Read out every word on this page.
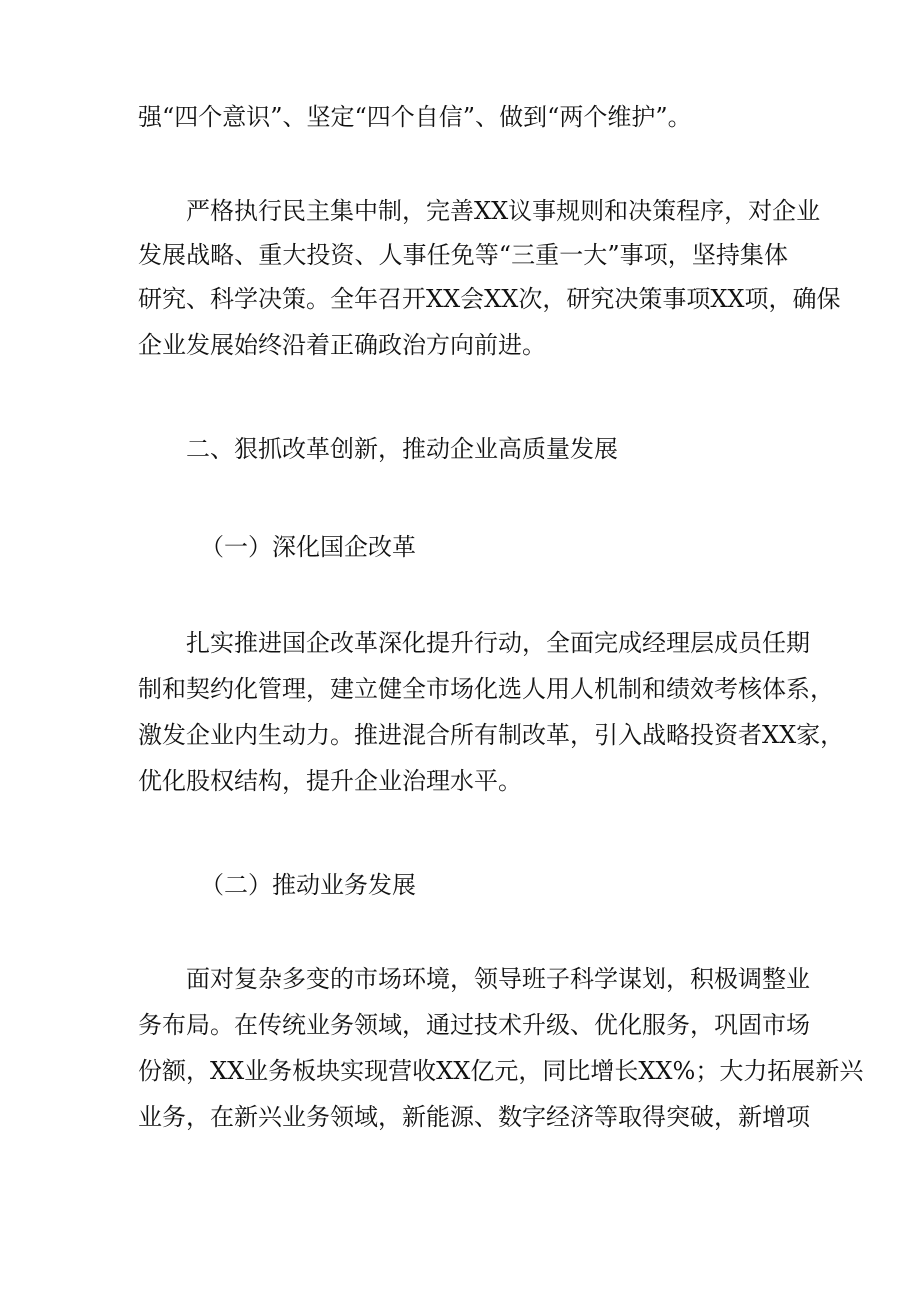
强“四个意识”、坚定“四个自信”、做到“两个维护”。
严格执行民主集中制，完善XX议事规则和决策程序，对企业
发展战略、重大投资、人事任免等“三重一大”事项，坚持集体
研究、科学决策。全年召开XX会XX次，研究决策事项XX项，确保
企业发展始终沿着正确政治方向前进。
二、狠抓改革创新，推动企业高质量发展
（一）深化国企改革
扎实推进国企改革深化提升行动，全面完成经理层成员任期
制和契约化管理，建立健全市场化选人用人机制和绩效考核体系，
激发企业内生动力。推进混合所有制改革，引入战略投资者XX家，
优化股权结构，提升企业治理水平。
（二）推动业务发展
面对复杂多变的市场环境，领导班子科学谋划，积极调整业
务布局。在传统业务领域，通过技术升级、优化服务，巩固市场
份额，XX业务板块实现营收XX亿元，同比增长XX%；大力拓展新兴
业务，在新兴业务领域，新能源、数字经济等取得突破，新增项
